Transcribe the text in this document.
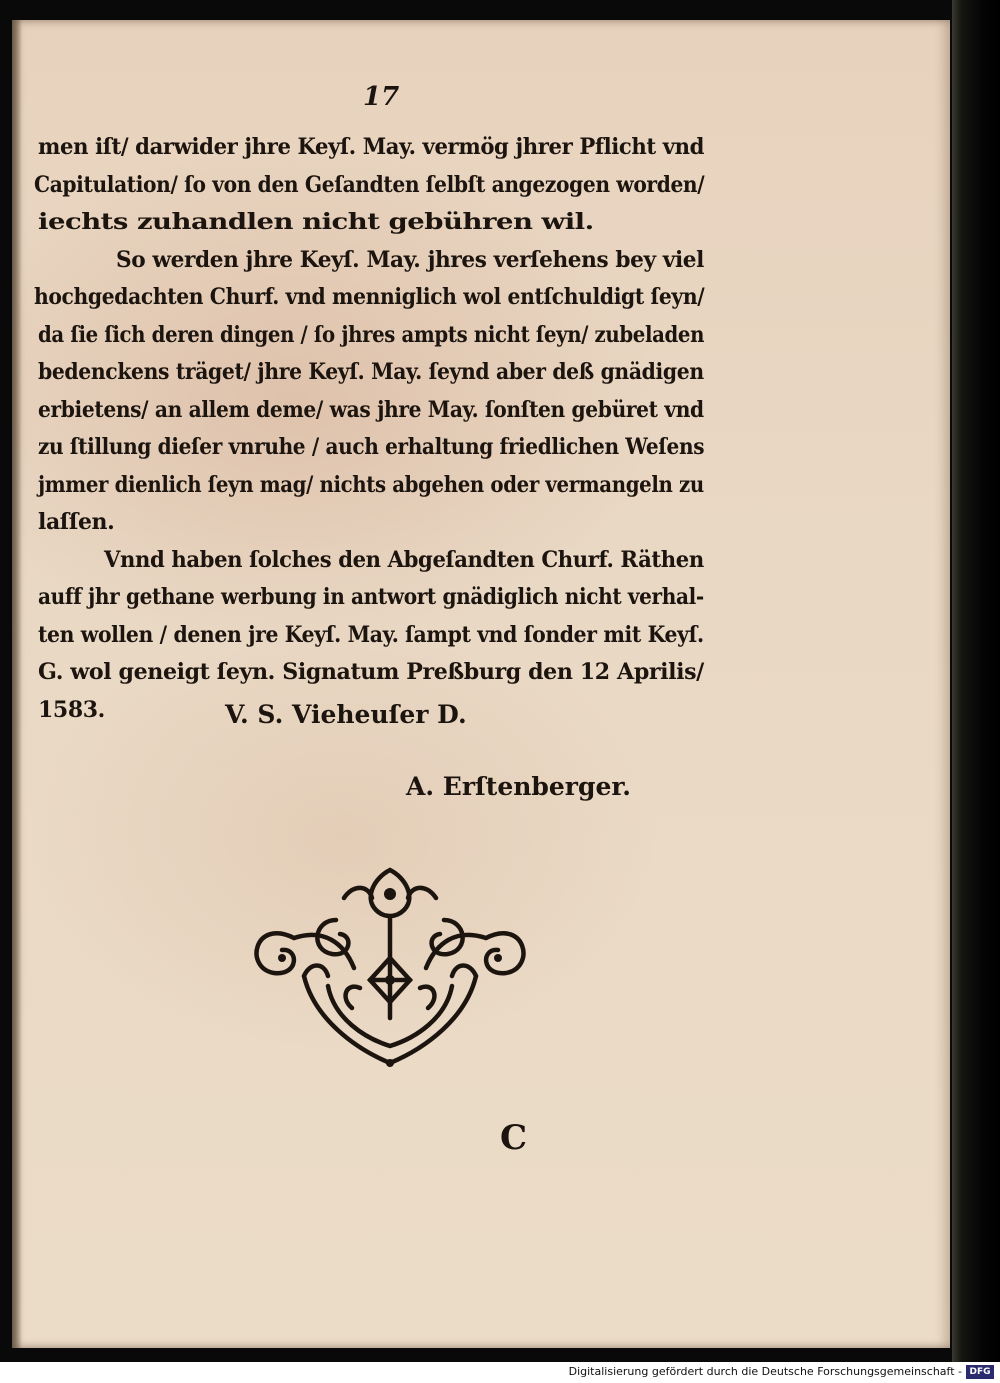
17
men iſt/ darwider jhre Keyſ. May. vermög jhrer Pflicht vnd
Capitulation/ ſo von den Geſandten ſelbſt angezogen worden/
iechts zuhandlen nicht gebühren wil.
So werden jhre Keyſ. May. jhres verſehens bey viel
hochgedachten Churf. vnd menniglich wol entſchuldigt ſeyn/
da ſie ſich deren dingen / ſo jhres ampts nicht ſeyn/ zubeladen
bedenckens träget/ jhre Keyſ. May. ſeynd aber deß gnädigen
erbietens/ an allem deme/ was jhre May. ſonſten gebüret vnd
zu ſtillung dieſer vnruhe / auch erhaltung friedlichen Weſens
jmmer dienlich ſeyn mag/ nichts abgehen oder vermangeln zu
laſſen.
Vnnd haben ſolches den Abgeſandten Churf. Räthen
auff jhr gethane werbung in antwort gnädiglich nicht verhal-
ten wollen / denen jre Keyſ. May. ſampt vnd ſonder mit Keyſ.
G. wol geneigt ſeyn. Signatum Preßburg den 12 Aprilis/
1583.	V. S. Vieheuſer D.
A. Erſtenberger.
C
Digitalisierung gefördert durch die Deutsche Forschungsgemeinschaft - DFG
